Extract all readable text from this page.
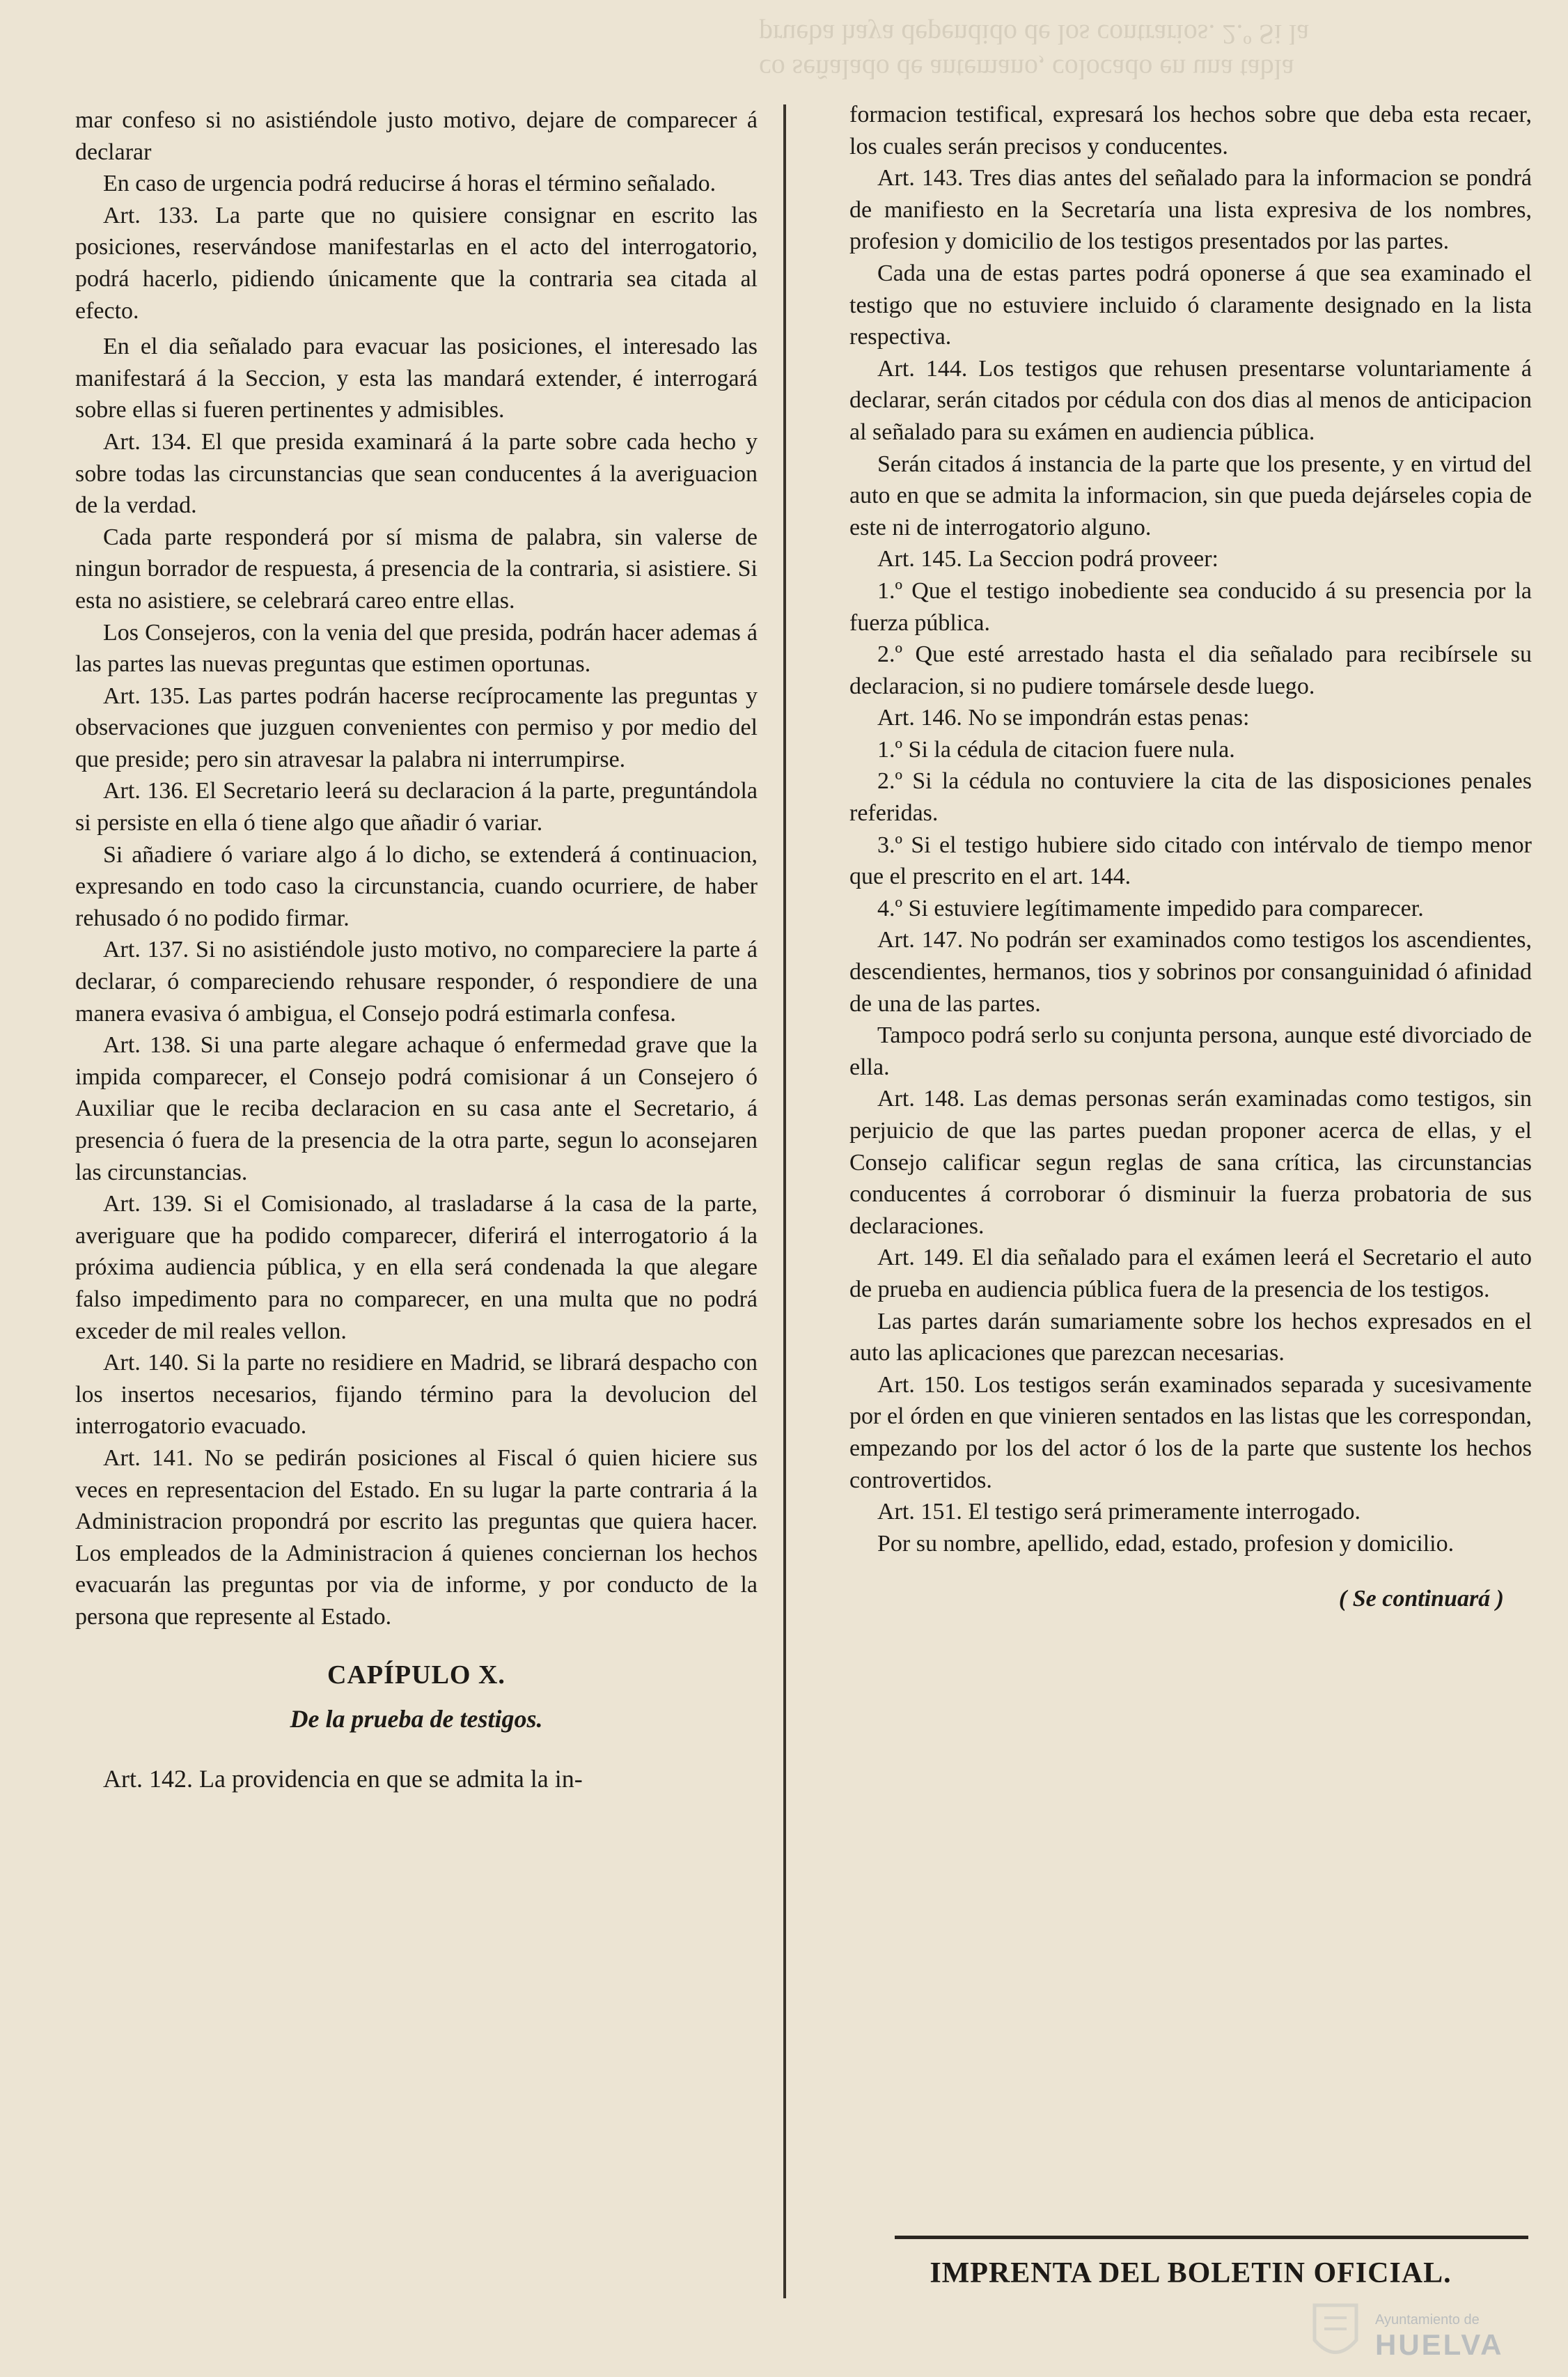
co señalado de antemano, colocado en una tabla
prueba haya dependido de los contrarios. 2.º Si la

mar confeso si no asistiéndole justo motivo, dejare de comparecer á declarar

En caso de urgencia podrá reducirse á horas el término señalado.

Art. 133. La parte que no quisiere consignar en escrito las posiciones, reservándose manifestarlas en el acto del interrogatorio, podrá hacerlo, pidiendo únicamente que la contraria sea citada al efecto.

En el dia señalado para evacuar las posiciones, el interesado las manifestará á la Seccion, y esta las mandará extender, é interrogará sobre ellas si fueren pertinentes y admisibles.

Art. 134. El que presida examinará á la parte sobre cada hecho y sobre todas las circunstancias que sean conducentes á la averiguacion de la verdad.

Cada parte responderá por sí misma de palabra, sin valerse de ningun borrador de respuesta, á presencia de la contraria, si asistiere. Si esta no asistiere, se celebrará careo entre ellas.

Los Consejeros, con la venia del que presida, podrán hacer ademas á las partes las nuevas preguntas que estimen oportunas.

Art. 135. Las partes podrán hacerse recíprocamente las preguntas y observaciones que juzguen convenientes con permiso y por medio del que preside; pero sin atravesar la palabra ni interrumpirse.

Art. 136. El Secretario leerá su declaracion á la parte, preguntándola si persiste en ella ó tiene algo que añadir ó variar.

Si añadiere ó variare algo á lo dicho, se extenderá á continuacion, expresando en todo caso la circunstancia, cuando ocurriere, de haber rehusado ó no podido firmar.

Art. 137. Si no asistiéndole justo motivo, no compareciere la parte á declarar, ó compareciendo rehusare responder, ó respondiere de una manera evasiva ó ambigua, el Consejo podrá estimarla confesa.

Art. 138. Si una parte alegare achaque ó enfermedad grave que la impida comparecer, el Consejo podrá comisionar á un Consejero ó Auxiliar que le reciba declaracion en su casa ante el Secretario, á presencia ó fuera de la presencia de la otra parte, segun lo aconsejaren las circunstancias.

Art. 139. Si el Comisionado, al trasladarse á la casa de la parte, averiguare que ha podido comparecer, diferirá el interrogatorio á la próxima audiencia pública, y en ella será condenada la que alegare falso impedimento para no comparecer, en una multa que no podrá exceder de mil reales vellon.

Art. 140. Si la parte no residiere en Madrid, se librará despacho con los insertos necesarios, fijando término para la devolucion del interrogatorio evacuado.

Art. 141. No se pedirán posiciones al Fiscal ó quien hiciere sus veces en representacion del Estado. En su lugar la parte contraria á la Administracion propondrá por escrito las preguntas que quiera hacer. Los empleados de la Administracion á quienes conciernan los hechos evacuarán las preguntas por via de informe, y por conducto de la persona que represente al Estado.

CAPÍPULO X.
De la prueba de testigos.

Art. 142. La providencia en que se admita la in-

formacion testifical, expresará los hechos sobre que deba esta recaer, los cuales serán precisos y conducentes.

Art. 143. Tres dias antes del señalado para la informacion se pondrá de manifiesto en la Secretaría una lista expresiva de los nombres, profesion y domicilio de los testigos presentados por las partes.

Cada una de estas partes podrá oponerse á que sea examinado el testigo que no estuviere incluido ó claramente designado en la lista respectiva.

Art. 144. Los testigos que rehusen presentarse voluntariamente á declarar, serán citados por cédula con dos dias al menos de anticipacion al señalado para su exámen en audiencia pública.

Serán citados á instancia de la parte que los presente, y en virtud del auto en que se admita la informacion, sin que pueda dejárseles copia de este ni de interrogatorio alguno.

Art. 145. La Seccion podrá proveer:

1.º Que el testigo inobediente sea conducido á su presencia por la fuerza pública.

2.º Que esté arrestado hasta el dia señalado para recibírsele su declaracion, si no pudiere tomársele desde luego.

Art. 146. No se impondrán estas penas:

1.º Si la cédula de citacion fuere nula.

2.º Si la cédula no contuviere la cita de las disposiciones penales referidas.

3.º Si el testigo hubiere sido citado con intérvalo de tiempo menor que el prescrito en el art. 144.

4.º Si estuviere legítimamente impedido para comparecer.

Art. 147. No podrán ser examinados como testigos los ascendientes, descendientes, hermanos, tios y sobrinos por consanguinidad ó afinidad de una de las partes.

Tampoco podrá serlo su conjunta persona, aunque esté divorciado de ella.

Art. 148. Las demas personas serán examinadas como testigos, sin perjuicio de que las partes puedan proponer acerca de ellas, y el Consejo calificar segun reglas de sana crítica, las circunstancias conducentes á corroborar ó disminuir la fuerza probatoria de sus declaraciones.

Art. 149. El dia señalado para el exámen leerá el Secretario el auto de prueba en audiencia pública fuera de la presencia de los testigos.

Las partes darán sumariamente sobre los hechos expresados en el auto las aplicaciones que parezcan necesarias.

Art. 150. Los testigos serán examinados separada y sucesivamente por el órden en que vinieren sentados en las listas que les correspondan, empezando por los del actor ó los de la parte que sustente los hechos controvertidos.

Art. 151. El testigo será primeramente interrogado.

Por su nombre, apellido, edad, estado, profesion y domicilio.

( Se continuará )

IMPRENTA DEL BOLETIN OFICIAL.
Ayuntamiento de
HUELVA
